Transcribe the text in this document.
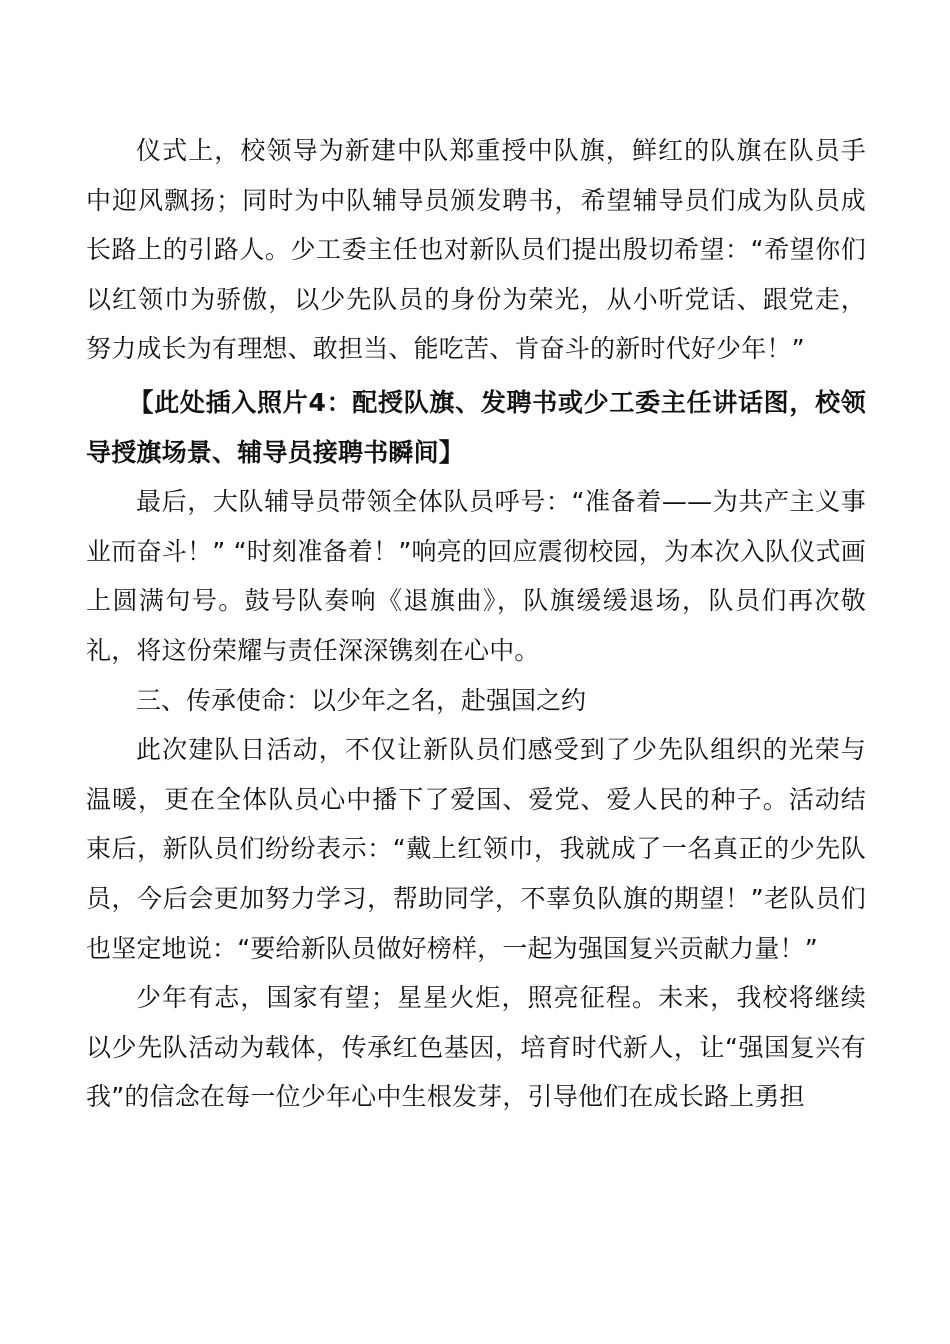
仪式上，校领导为新建中队郑重授中队旗，鲜红的队旗在队员手中迎风飘扬；同时为中队辅导员颁发聘书，希望辅导员们成为队员成长路上的引路人。少工委主任也对新队员们提出殷切希望：“希望你们以红领巾为骄傲，以少先队员的身份为荣光，从小听党话、跟党走，努力成长为有理想、敢担当、能吃苦、肯奋斗的新时代好少年！”

【此处插入照片4：配授队旗、发聘书或少工委主任讲话图，校领导授旗场景、辅导员接聘书瞬间】

最后，大队辅导员带领全体队员呼号：“准备着——为共产主义事业而奋斗！” “时刻准备着！”响亮的回应震彻校园，为本次入队仪式画上圆满句号。鼓号队奏响《退旗曲》，队旗缓缓退场，队员们再次敬礼，将这份荣耀与责任深深镌刻在心中。

三、传承使命：以少年之名，赴强国之约

此次建队日活动，不仅让新队员们感受到了少先队组织的光荣与温暖，更在全体队员心中播下了爱国、爱党、爱人民的种子。活动结束后，新队员们纷纷表示：“戴上红领巾，我就成了一名真正的少先队员，今后会更加努力学习，帮助同学，不辜负队旗的期望！”老队员们也坚定地说：“要给新队员做好榜样，一起为强国复兴贡献力量！”

少年有志，国家有望；星星火炬，照亮征程。未来，我校将继续以少先队活动为载体，传承红色基因，培育时代新人，让“强国复兴有我”的信念在每一位少年心中生根发芽，引导他们在成长路上勇担
